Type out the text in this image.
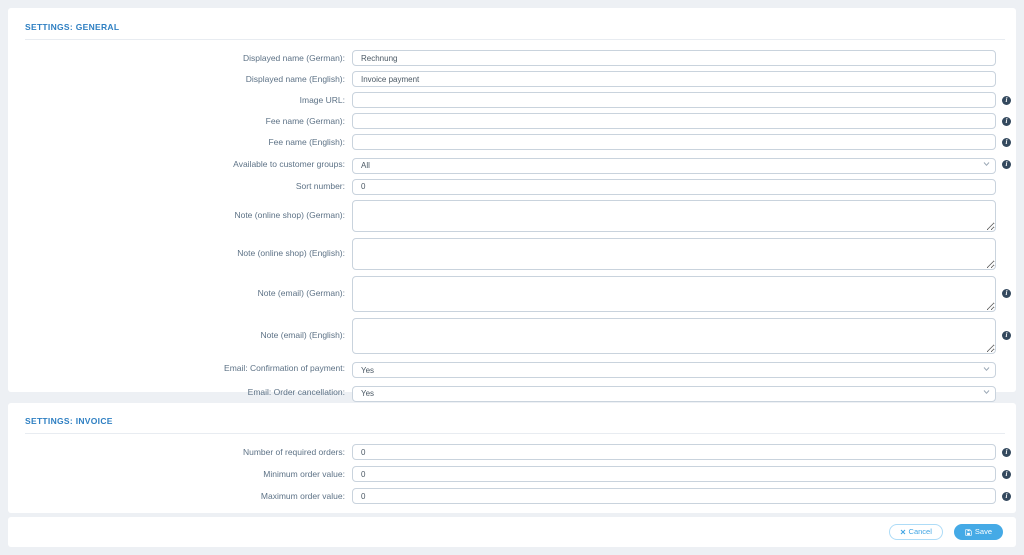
SETTINGS: GENERAL
Displayed name (German):
Rechnung
Displayed name (English):
Invoice payment
Image URL:	i
Fee name (German):	i
Fee name (English):	i
Available to customer groups:
All	i
Sort number:
0
Note (online shop) (German):
Note (online shop) (English):
Note (email) (German):	i
Note (email) (English):	i
Email: Confirmation of payment:
Yes
Email: Order cancellation:
Yes
SETTINGS: INVOICE
Number of required orders:
0	i
Minimum order value:
0	i
Maximum order value:
0	i
Cancel	Save
